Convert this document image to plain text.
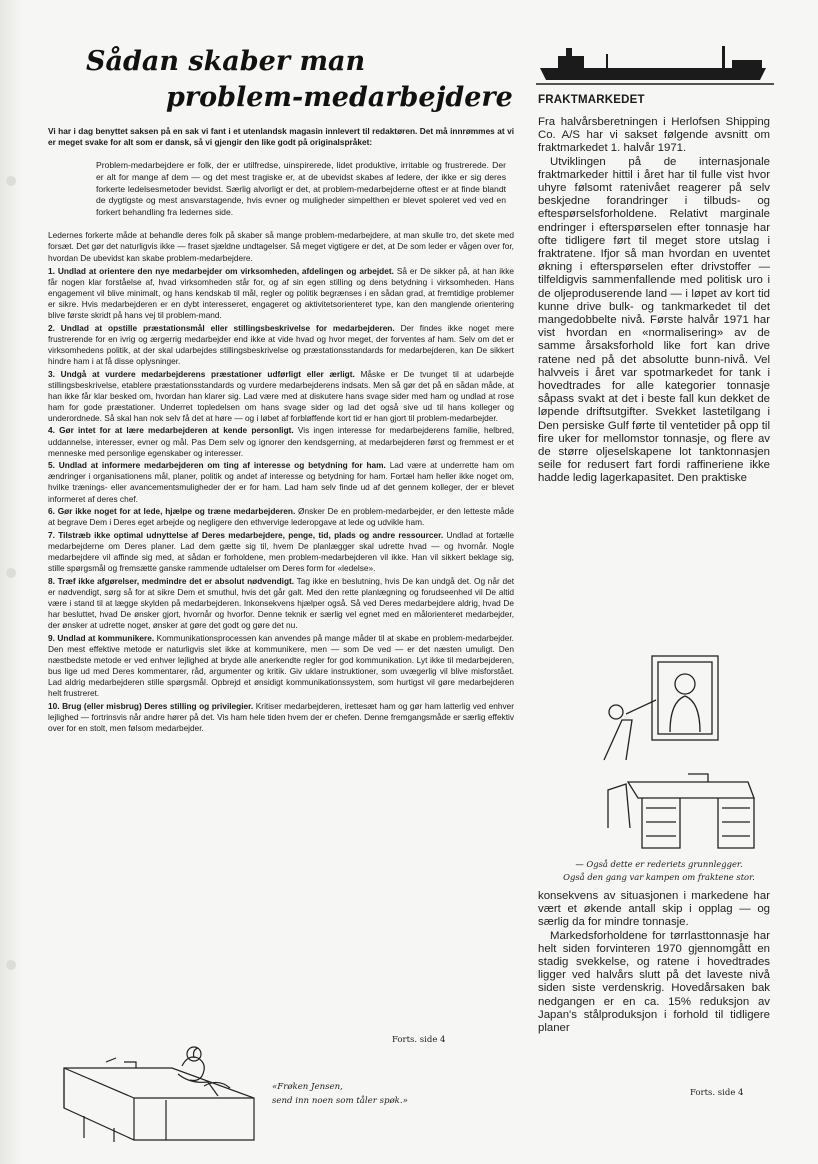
Sådan skaber man
problem-medarbejdere

Vi har i dag benyttet saksen på en sak vi fant i et utenlandsk magasin innlevert til redaktøren. Det må innrømmes at vi er meget svake for alt som er dansk, så vi gjengir den like godt på originalspråket:

Problem-medarbejdere er folk, der er utilfredse, uinspirerede, lidet produktive, irritable og frustrerede. Der er alt for mange af dem — og det mest tragiske er, at de ubevidst skabes af ledere, der ikke er sig deres forkerte ledelsesmetoder bevidst. Særlig alvorligt er det, at problem-medarbejderne oftest er at finde blandt de dygtigste og mest ansvarstagende, hvis evner og muligheder simpelthen er blevet spoleret ved ved en forkert behandling fra ledernes side.

Ledernes forkerte måde at behandle deres folk på skaber så mange problem-medarbejdere, at man skulle tro, det skete med forsæt. Det gør det naturligvis ikke — fraset sjældne undtagelser. Så meget vigtigere er det, at De som leder er vågen over for, hvordan De ubevidst kan skabe problem-medarbejdere.

1. Undlad at orientere den nye medarbejder om virksomheden, afdelingen og arbejdet. Så er De sikker på, at han ikke får nogen klar forståelse af, hvad virksomheden står for, og af sin egen stilling og dens betydning i virksomheden. Hans engagement vil blive minimalt, og hans kendskab til mål, regler og politik begrænses i en sådan grad, at fremtidige problemer er sikre. Hvis medarbejderen er en dybt interesseret, engageret og aktivitetsorienteret type, kan den manglende orientering blive første skridt på hans vej til problem-mand.

2. Undlad at opstille præstationsmål eller stillingsbeskrivelse for medarbejderen. Der findes ikke noget mere frustrerende for en ivrig og ærgerrig medarbejder end ikke at vide hvad og hvor meget, der forventes af ham. Selv om det er virksomhedens politik, at der skal udarbejdes stillingsbeskrivelse og præstationsstandards for medarbejderen, kan De sikkert hindre ham i at få disse oplysninger.

3. Undgå at vurdere medarbejderens præstationer udførligt eller ærligt. Måske er De tvunget til at udarbejde stillingsbeskrivelse, etablere præstationsstandards og vurdere medarbejderens indsats. Men så gør det på en sådan måde, at han ikke får klar besked om, hvordan han klarer sig. Lad være med at diskutere hans svage sider med ham og undlad at rose ham for gode præstationer. Underret topledelsen om hans svage sider og lad det også sive ud til hans kolleger og underordnede. Så skal han nok selv få det at høre — og i løbet af forbløffende kort tid er han gjort til problem-medarbejder.

4. Gør intet for at lære medarbejderen at kende personligt. Vis ingen interesse for medarbejderens familie, helbred, uddannelse, interesser, evner og mål. Pas Dem selv og ignorer den kendsgerning, at medarbejderen først og fremmest er et menneske med personlige egenskaber og interesser.

5. Undlad at informere medarbejderen om ting af interesse og betydning for ham. Lad være at underrette ham om ændringer i organisationens mål, planer, politik og andet af interesse og betydning for ham. Fortæl ham heller ikke noget om, hvilke trænings- eller avancementsmuligheder der er for ham. Lad ham selv finde ud af det gennem kolleger, der er blevet informeret af deres chef.

6. Gør ikke noget for at lede, hjælpe og træne medarbejderen. Ønsker De en problem-medarbejder, er den letteste måde at begrave Dem i Deres eget arbejde og negligere den ethvervige lederopgave at lede og udvikle ham.

7. Tilstræb ikke optimal udnyttelse af Deres medarbejdere, penge, tid, plads og andre ressourcer. Undlad at fortælle medarbejderne om Deres planer. Lad dem gætte sig til, hvem De planlægger skal udrette hvad — og hvornår. Nogle medarbejdere vil affinde sig med, at sådan er forholdene, men problem-medarbejderen vil ikke. Han vil sikkert beklage sig, stille spørgsmål og fremsætte ganske rammende udtalelser om Deres form for «ledelse».

8. Træf ikke afgørelser, medmindre det er absolut nødvendigt. Tag ikke en beslutning, hvis De kan undgå det. Og når det er nødvendigt, sørg så for at sikre Dem et smuthul, hvis det går galt. Med den rette planlægning og forudseenhed vil De altid være i stand til at lægge skylden på medarbejderen. Inkonsekvens hjælper også. Så ved Deres medarbejdere aldrig, hvad De har besluttet, hvad De ønsker gjort, hvornår og hvorfor. Denne teknik er særlig vel egnet med en målorienteret medarbejder, der ønsker at udrette noget, ønsker at gøre det godt og gøre det nu.

9. Undlad at kommunikere. Kommunikationsprocessen kan anvendes på mange måder til at skabe en problem-medarbejder. Den mest effektive metode er naturligvis slet ikke at kommunikere, men — som De ved — er det næsten umuligt. Den næstbedste metode er ved enhver lejlighed at bryde alle anerkendte regler for god kommunikation. Lyt ikke til medarbejderen, bus lige ud med Deres kommentarer, råd, argumenter og kritik. Giv uklare instruktioner, som uvægerlig vil blive misforstået. Lad aldrig medarbejderen stille spørgsmål. Opbrejd et ønsidigt kommunikationssystem, som hurtigst vil gøre medarbejderen helt frustreret.

10. Brug (eller misbrug) Deres stilling og privilegier. Kritiser medarbejderen, irettesæt ham og gør ham latterlig ved enhver lejlighed — fortrinsvis når andre hører på det. Vis ham hele tiden hvem der er chefen. Denne fremgangsmåde er særlig effektiv over for en stolt, men følsom medarbejder.

Forts. side 4
«Frøken Jensen,
send inn noen som tåler spøk.»
FRAKTMARKEDET

Fra halvårsberetningen i Herlofsen Shipping Co. A/S har vi sakset følgende avsnitt om fraktmarkedet 1. halvår 1971.

Utviklingen på de internasjonale fraktmarkeder hittil i året har til fulle vist hvor uhyre følsomt ratenivået reagerer på selv beskjedne forandringer i tilbuds- og eftespørselsforholdene. Relativt marginale endringer i efterspørselen efter tonnasje har ofte tidligere ført til meget store utslag i fraktratene. Ifjor så man hvordan en uventet økning i efterspørselen efter drivstoffer — tilfeldigvis sammenfallende med politisk uro i de oljeproduserende land — i løpet av kort tid kunne drive bulk- og tankmarkedet til det mangedobbelte nivå. Første halvår 1971 har vist hvordan en «normalisering» av de samme årsaksforhold like fort kan drive ratene ned på det absolutte bunn-nivå. Vel halvveis i året var spotmarkedet for tank i hovedtrades for alle kategorier tonnasje såpass svakt at det i beste fall kun dekket de løpende driftsutgifter. Svekket lastetilgang i Den persiske Gulf førte til ventetider på opp til fire uker for mellomstor tonnasje, og flere av de større oljeselskapene lot tanktonnasjen seile for redusert fart fordi raffineriene ikke hadde ledig lagerkapasitet. Den praktiske

— Også dette er rederiets grunnlegger.
Også den gang var kampen om fraktene stor.

konsekvens av situasjonen i markedene har vært et økende antall skip i opplag — og særlig da for mindre tonnasje.

Markedsforholdene for tørrlasttonnasje har helt siden forvinteren 1970 gjennomgått en stadig svekkelse, og ratene i hovedtrades ligger ved halvårs slutt på det laveste nivå siden siste verdenskrig. Hovedårsaken bak nedgangen er en ca. 15% reduksjon av Japan's stålproduksjon i forhold til tidligere planer

Forts. side 4
